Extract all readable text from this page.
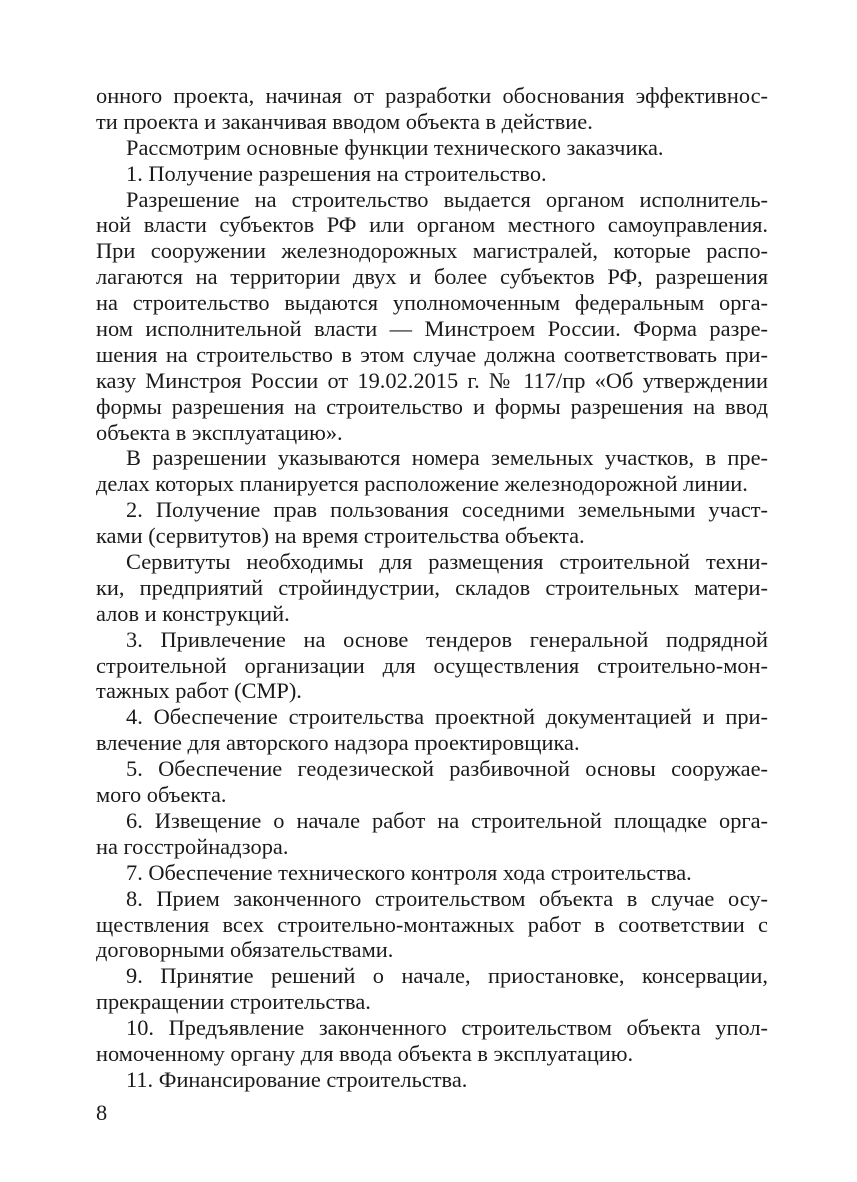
онного проекта, начиная от разработки обоснования эффективнос-
ти проекта и заканчивая вводом объекта в действие.
Рассмотрим основные функции технического заказчика.
1. Получение разрешения на строительство.
Разрешение на строительство выдается органом исполнитель-
ной власти субъектов РФ или органом местного самоуправления.
При сооружении железнодорожных магистралей, которые распо-
лагаются на территории двух и более субъектов РФ, разрешения
на строительство выдаются уполномоченным федеральным орга-
ном исполнительной власти — Минстроем России. Форма разре-
шения на строительство в этом случае должна соответствовать при-
казу Минстроя России от 19.02.2015 г. № 117/пр «Об утверждении
формы разрешения на строительство и формы разрешения на ввод
объекта в эксплуатацию».
В разрешении указываются номера земельных участков, в пре-
делах которых планируется расположение железнодорожной линии.
2. Получение прав пользования соседними земельными участ-
ками (сервитутов) на время строительства объекта.
Сервитуты необходимы для размещения строительной техни-
ки, предприятий стройиндустрии, складов строительных матери-
алов и конструкций.
3. Привлечение на основе тендеров генеральной подрядной
строительной организации для осуществления строительно-мон-
тажных работ (СМР).
4. Обеспечение строительства проектной документацией и при-
влечение для авторского надзора проектировщика.
5. Обеспечение геодезической разбивочной основы сооружае-
мого объекта.
6. Извещение о начале работ на строительной площадке орга-
на госстройнадзора.
7. Обеспечение технического контроля хода строительства.
8. Прием законченного строительством объекта в случае осу-
ществления всех строительно-монтажных работ в соответствии с
договорными обязательствами.
9. Принятие решений о начале, приостановке, консервации,
прекращении строительства.
10. Предъявление законченного строительством объекта упол-
номоченному органу для ввода объекта в эксплуатацию.
11. Финансирование строительства.
8
